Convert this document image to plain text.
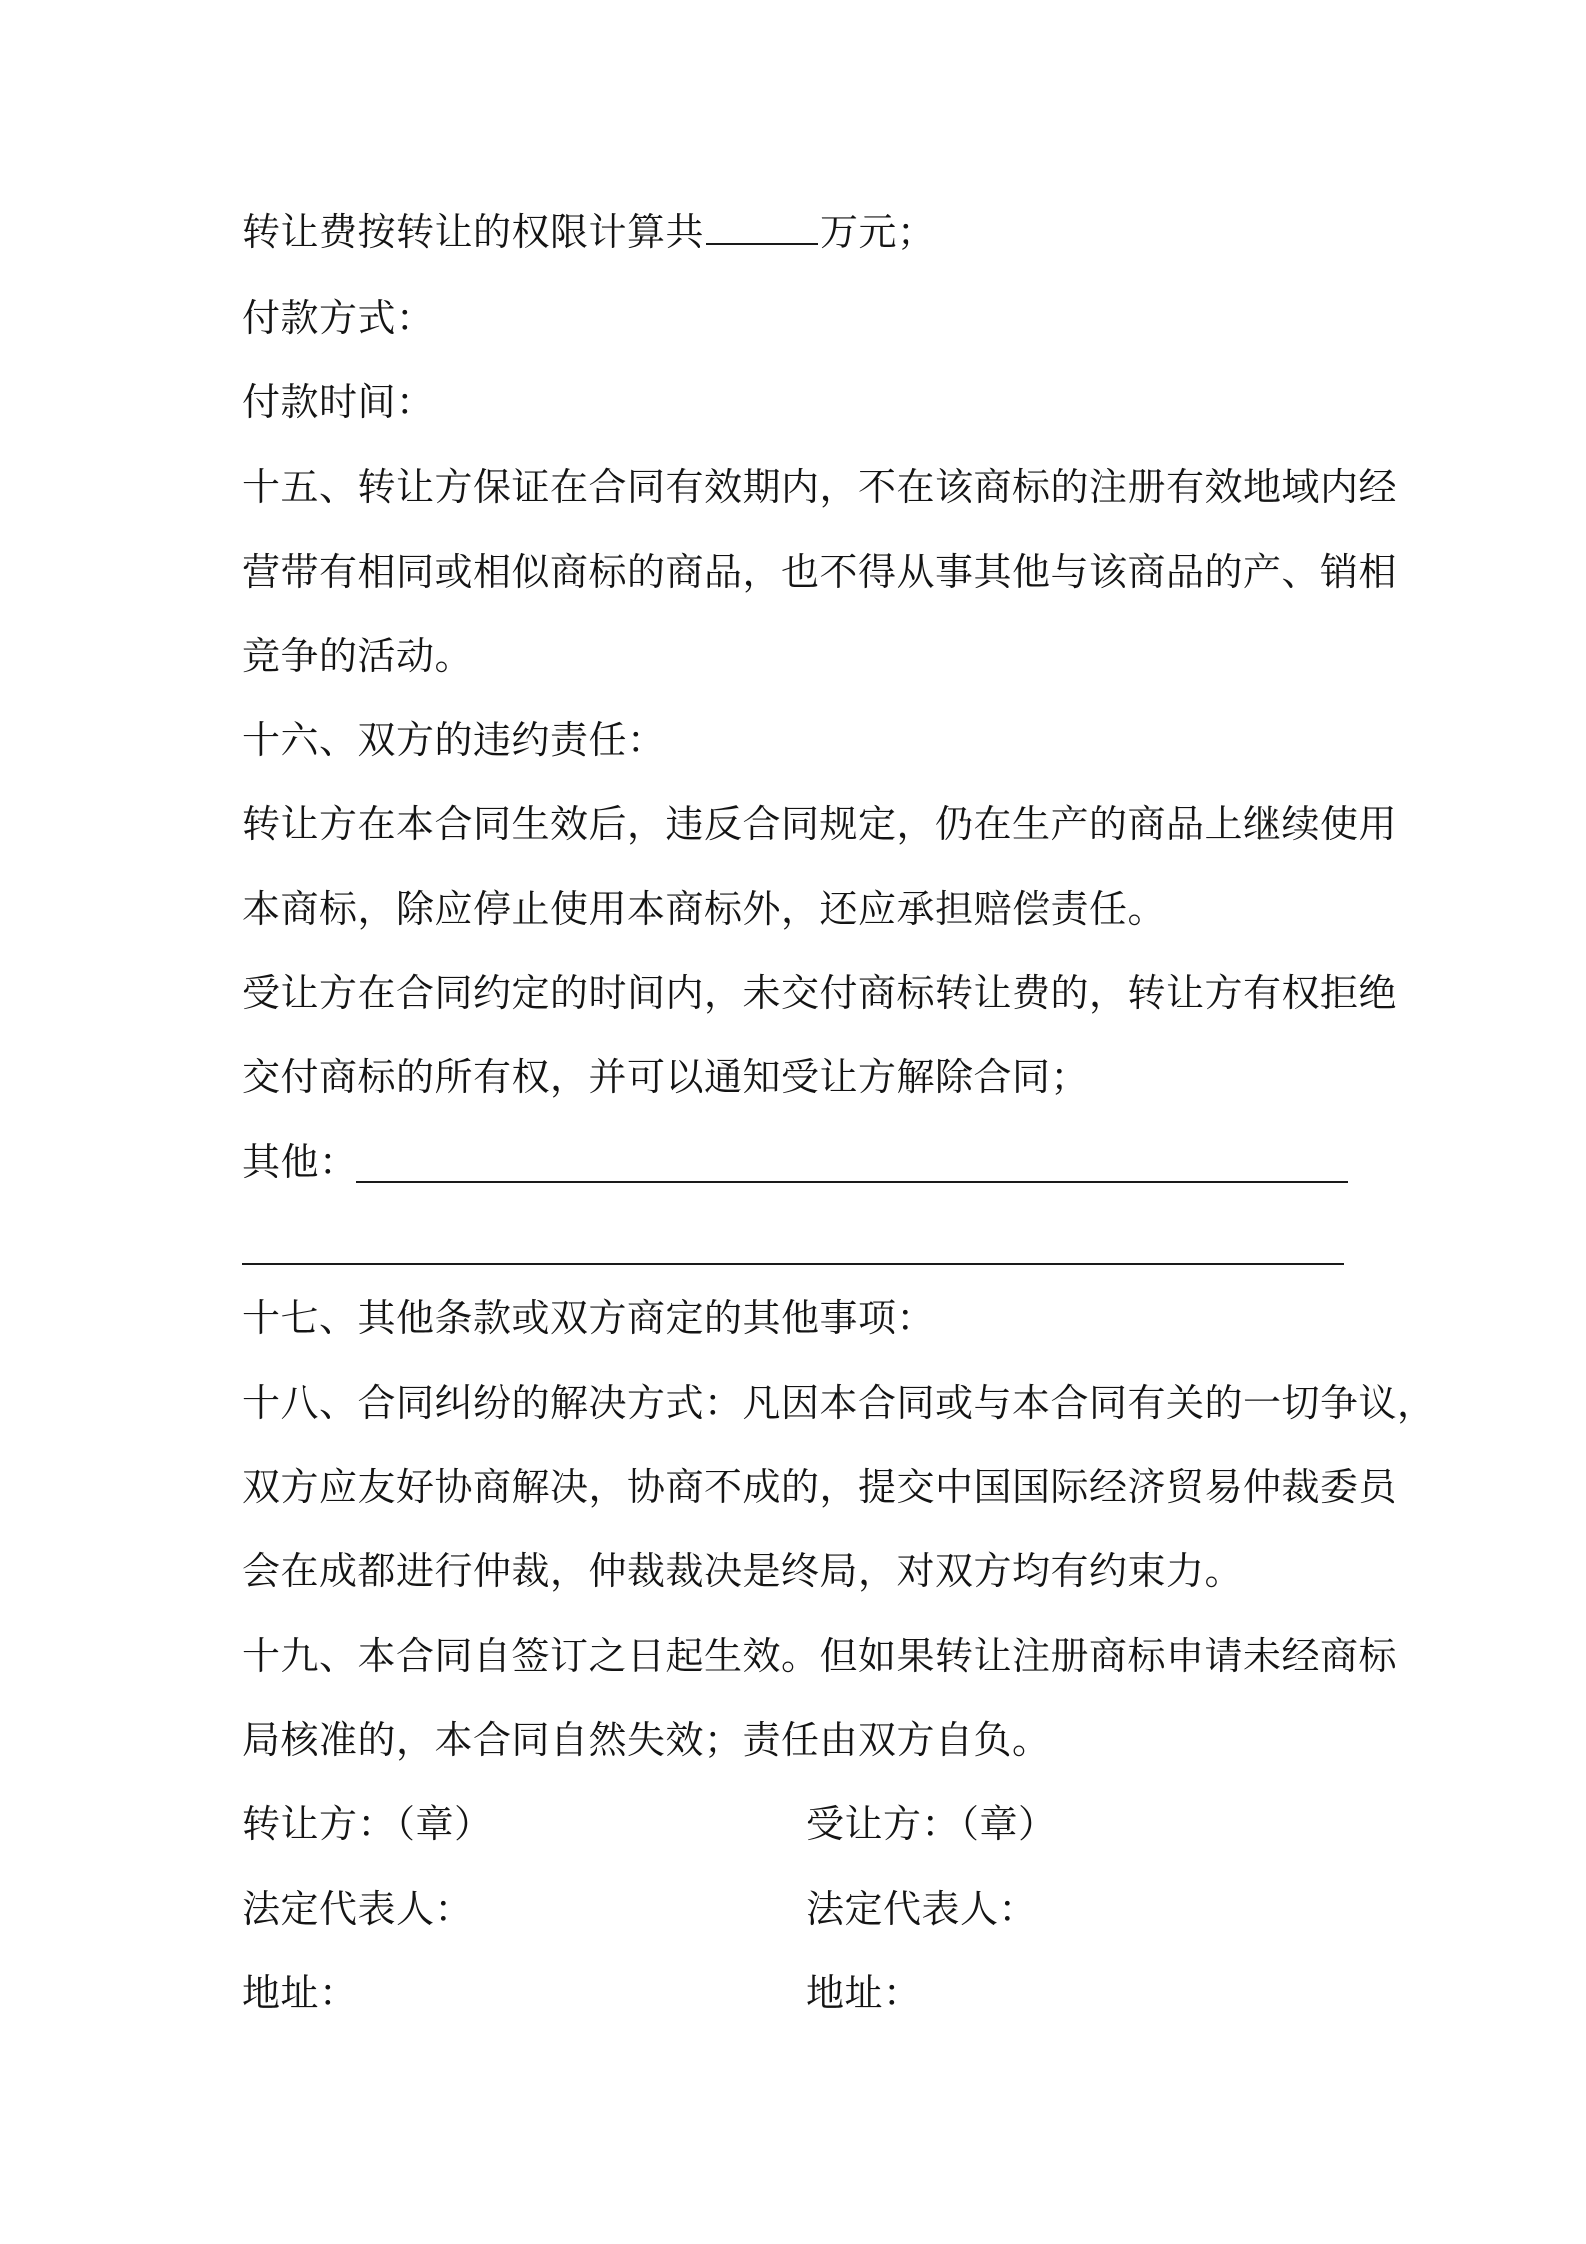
转让费按转让的权限计算共	万元；
付款方式：
付款时间：
十五、转让方保证在合同有效期内，不在该商标的注册有效地域内经
营带有相同或相似商标的商品，也不得从事其他与该商品的产、销相
竞争的活动。
十六、双方的违约责任：
转让方在本合同生效后，违反合同规定，仍在生产的商品上继续使用
本商标，除应停止使用本商标外，还应承担赔偿责任。
受让方在合同约定的时间内，未交付商标转让费的，转让方有权拒绝
交付商标的所有权，并可以通知受让方解除合同；
其他：
十七、其他条款或双方商定的其他事项：
十八、合同纠纷的解决方式：凡因本合同或与本合同有关的一切争议，
双方应友好协商解决，协商不成的，提交中国国际经济贸易仲裁委员
会在成都进行仲裁，仲裁裁决是终局，对双方均有约束力。
十九、本合同自签订之日起生效。但如果转让注册商标申请未经商标
局核准的，本合同自然失效；责任由双方自负。
转让方：（章）	受让方：（章）
法定代表人：	法定代表人：
地址：	地址：
